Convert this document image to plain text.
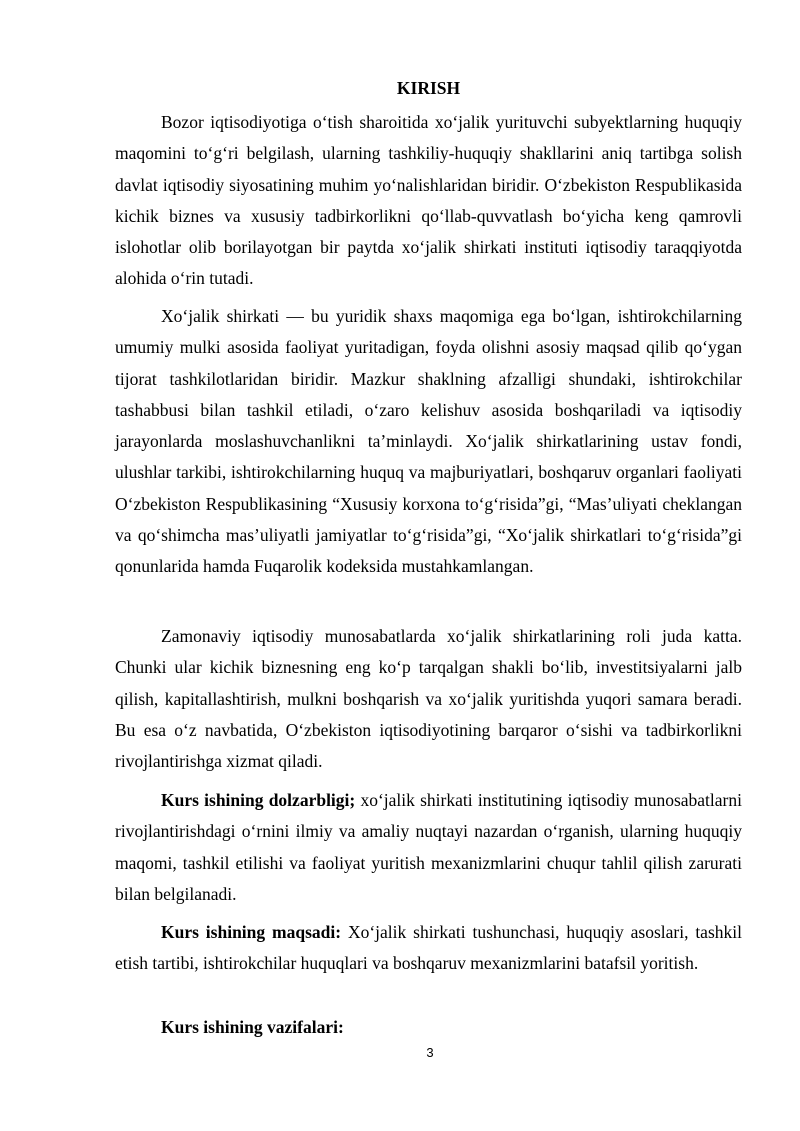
KIRISH

Bozor iqtisodiyotiga o‘tish sharoitida xo‘jalik yurituvchi subyektlarning huquqiy maqomini to‘g‘ri belgilash, ularning tashkiliy-huquqiy shakllarini aniq tartibga solish davlat iqtisodiy siyosatining muhim yo‘nalishlaridan biridir. O‘zbekiston Respublikasida kichik biznes va xususiy tadbirkorlikni qo‘llab-quvvatlash bo‘yicha keng qamrovli islohotlar olib borilayotgan bir paytda xo‘jalik shirkati instituti iqtisodiy taraqqiyotda alohida o‘rin tutadi.

Xo‘jalik shirkati — bu yuridik shaxs maqomiga ega bo‘lgan, ishtirokchilarning umumiy mulki asosida faoliyat yuritadigan, foyda olishni asosiy maqsad qilib qo‘ygan tijorat tashkilotlaridan biridir. Mazkur shaklning afzalligi shundaki, ishtirokchilar tashabbusi bilan tashkil etiladi, o‘zaro kelishuv asosida boshqariladi va iqtisodiy jarayonlarda moslashuvchanlikni ta’minlaydi. Xo‘jalik shirkatlarining ustav fondi, ulushlar tarkibi, ishtirokchilarning huquq va majburiyatlari, boshqaruv organlari faoliyati O‘zbekiston Respublikasining “Xususiy korxona to‘g‘risida”gi, “Mas’uliyati cheklangan va qo‘shimcha mas’uliyatli jamiyatlar to‘g‘risida”gi, “Xo‘jalik shirkatlari to‘g‘risida”gi qonunlarida hamda Fuqarolik kodeksida mustahkamlangan.

Zamonaviy iqtisodiy munosabatlarda xo‘jalik shirkatlarining roli juda katta. Chunki ular kichik biznesning eng ko‘p tarqalgan shakli bo‘lib, investitsiyalarni jalb qilish, kapitallashtirish, mulkni boshqarish va xo‘jalik yuritishda yuqori samara beradi. Bu esa o‘z navbatida, O‘zbekiston iqtisodiyotining barqaror o‘sishi va tadbirkorlikni rivojlantirishga xizmat qiladi.

Kurs ishining dolzarbligi; xo‘jalik shirkati institutining iqtisodiy munosabatlarni rivojlantirishdagi o‘rnini ilmiy va amaliy nuqtayi nazardan o‘rganish, ularning huquqiy maqomi, tashkil etilishi va faoliyat yuritish mexanizmlarini chuqur tahlil qilish zarurati bilan belgilanadi.

Kurs ishining maqsadi: Xo‘jalik shirkati tushunchasi, huquqiy asoslari, tashkil etish tartibi, ishtirokchilar huquqlari va boshqaruv mexanizmlarini batafsil yoritish.

Kurs ishining vazifalari:

3
